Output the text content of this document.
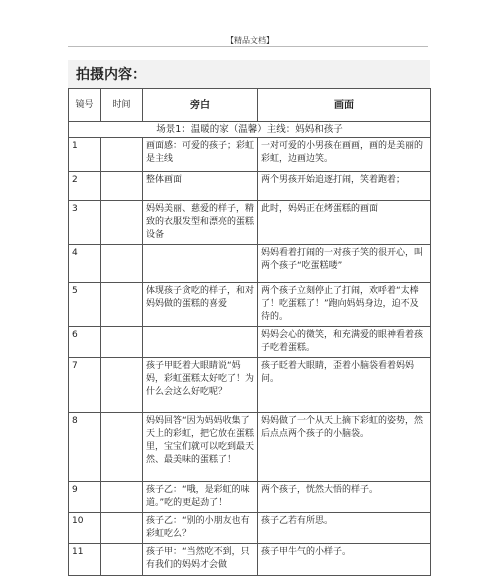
【精品文档】
拍摄内容：
镜号	时间	旁白	画面
场景1：温暖的家（温馨）主线：妈妈和孩子			
1		画面感：可爱的孩子；彩虹是主线	一对可爱的小男孩在画画，画的是美丽的彩虹，边画边笑。
2		整体画面	两个男孩开始追逐打闹，笑着跑着；
3		妈妈美丽、慈爱的样子，精致的衣服发型和漂亮的蛋糕设备	此时，妈妈正在烤蛋糕的画面
4			妈妈看着打闹的一对孩子笑的很开心，叫两个孩子“吃蛋糕喽”
5		体现孩子贪吃的样子，和对妈妈做的蛋糕的喜爱	两个孩子立刻停止了打闹，欢呼着“太棒了！吃蛋糕了！”跑向妈妈身边，迫不及待的。
6			妈妈会心的微笑，和充满爱的眼神看着孩子吃着蛋糕。
7		孩子甲眨着大眼睛说“妈妈，彩虹蛋糕太好吃了！为什么会这么好吃呢？	孩子眨着大眼睛，歪着小脑袋看着妈妈问。
8		妈妈回答“因为妈妈收集了天上的彩虹，把它放在蛋糕里，宝宝们就可以吃到最天然、最美味的蛋糕了！	妈妈做了一个从天上摘下彩虹的姿势，然后点点两个孩子的小脑袋。
9		孩子乙：“哦，是彩虹的味道。”吃的更起劲了！	两个孩子，恍然大悟的样子。
10		孩子乙：“别的小朋友也有彩虹吃么？	孩子乙若有所思。
11		孩子甲：“当然吃不到，只有我们的妈妈才会做	孩子甲牛气的小样子。
